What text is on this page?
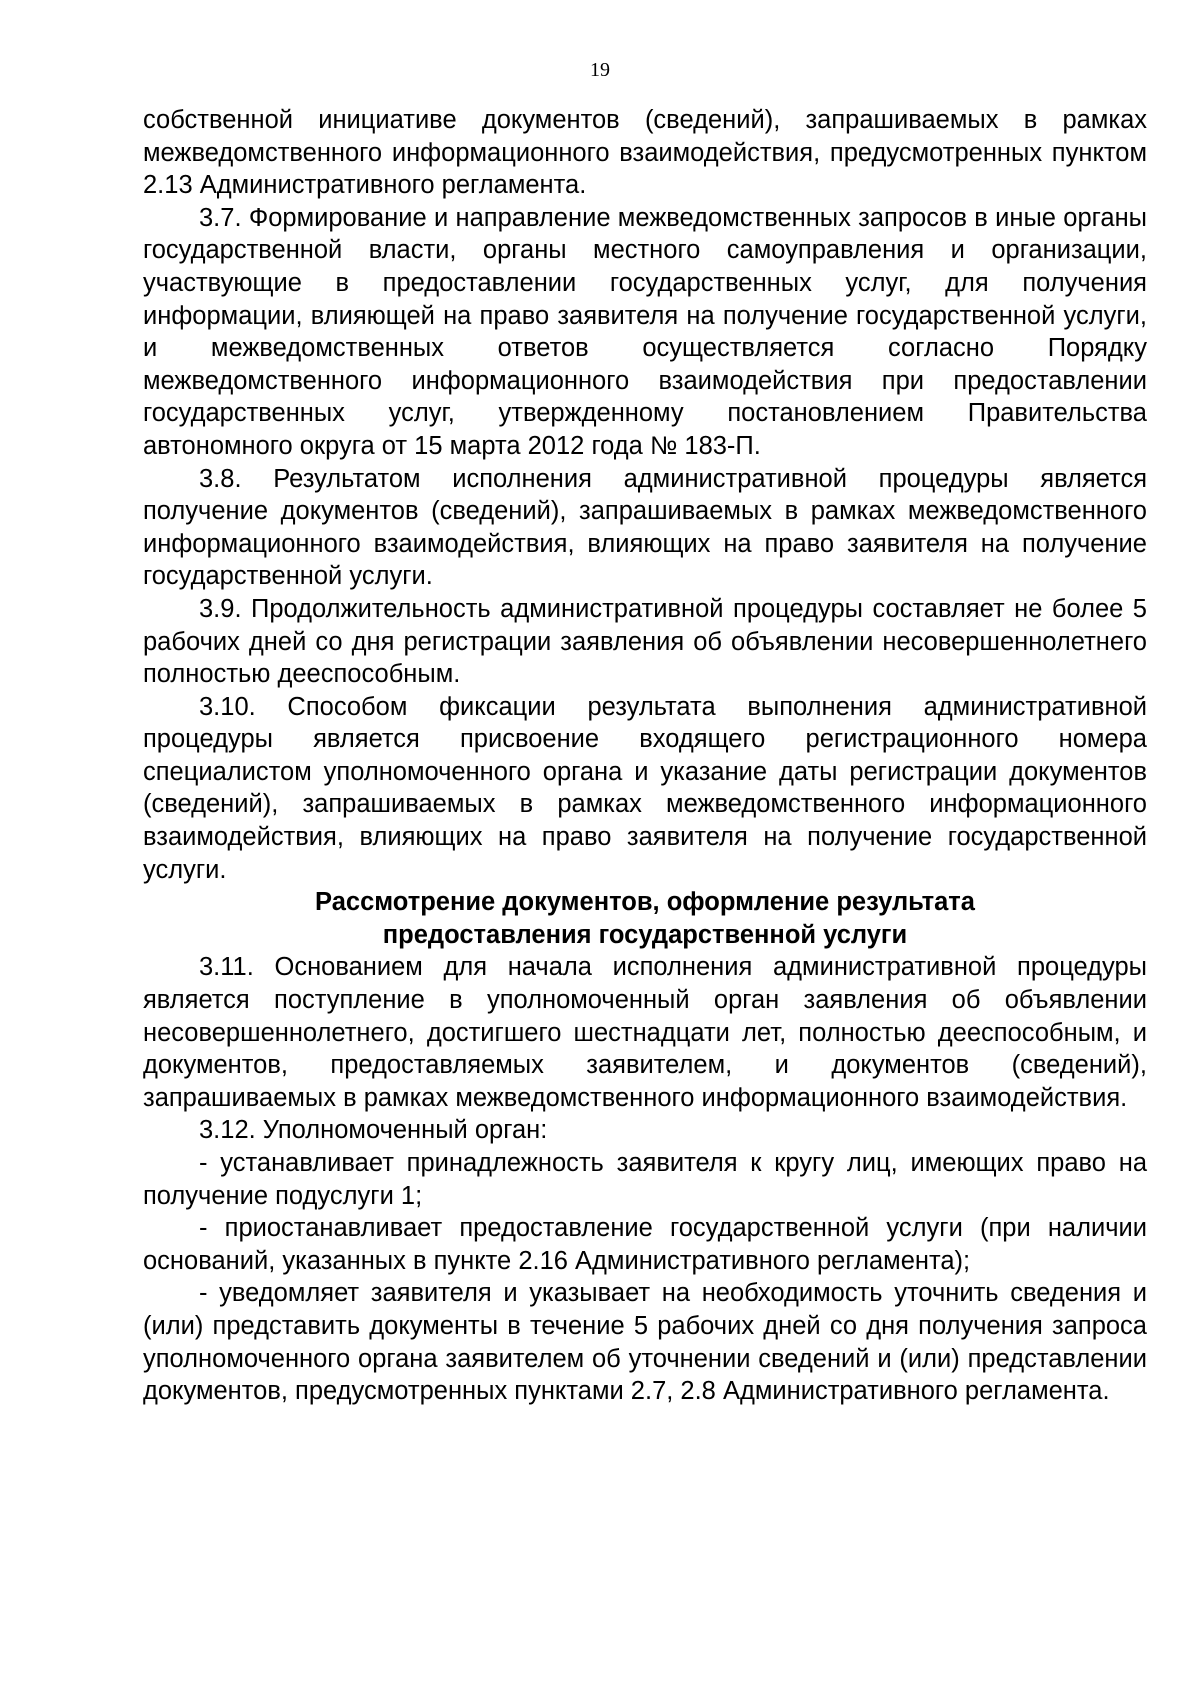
19

собственной инициативе документов (сведений), запрашиваемых в рамках межведомственного информационного взаимодействия, предусмотренных пунктом 2.13 Административного регламента.

3.7. Формирование и направление межведомственных запросов в иные органы государственной власти, органы местного самоуправления и организации, участвующие в предоставлении государственных услуг, для получения информации, влияющей на право заявителя на получение государственной услуги, и межведомственных ответов осуществляется согласно Порядку межведомственного информационного взаимодействия при предоставлении государственных услуг, утвержденному постановлением Правительства автономного округа от 15 марта 2012 года № 183-П.

3.8. Результатом исполнения административной процедуры является получение документов (сведений), запрашиваемых в рамках межведомственного информационного взаимодействия, влияющих на право заявителя на получение государственной услуги.

3.9. Продолжительность административной процедуры составляет не более 5 рабочих дней со дня регистрации заявления об объявлении несовершеннолетнего полностью дееспособным.

3.10. Способом фиксации результата выполнения административной процедуры является присвоение входящего регистрационного номера специалистом уполномоченного органа и указание даты регистрации документов (сведений), запрашиваемых в рамках межведомственного информационного взаимодействия, влияющих на право заявителя на получение государственной услуги.

Рассмотрение документов, оформление результата
предоставления государственной услуги

3.11. Основанием для начала исполнения административной процедуры является поступление в уполномоченный орган заявления об объявлении несовершеннолетнего, достигшего шестнадцати лет, полностью дееспособным, и документов, предоставляемых заявителем, и документов (сведений), запрашиваемых в рамках межведомственного информационного взаимодействия.

3.12. Уполномоченный орган:

- устанавливает принадлежность заявителя к кругу лиц, имеющих право на получение подуслуги 1;

- приостанавливает предоставление государственной услуги (при наличии оснований, указанных в пункте 2.16 Административного регламента);

- уведомляет заявителя и указывает на необходимость уточнить сведения и (или) представить документы в течение 5 рабочих дней со дня получения запроса уполномоченного органа заявителем об уточнении сведений и (или) представлении документов, предусмотренных пунктами 2.7, 2.8 Административного регламента.
